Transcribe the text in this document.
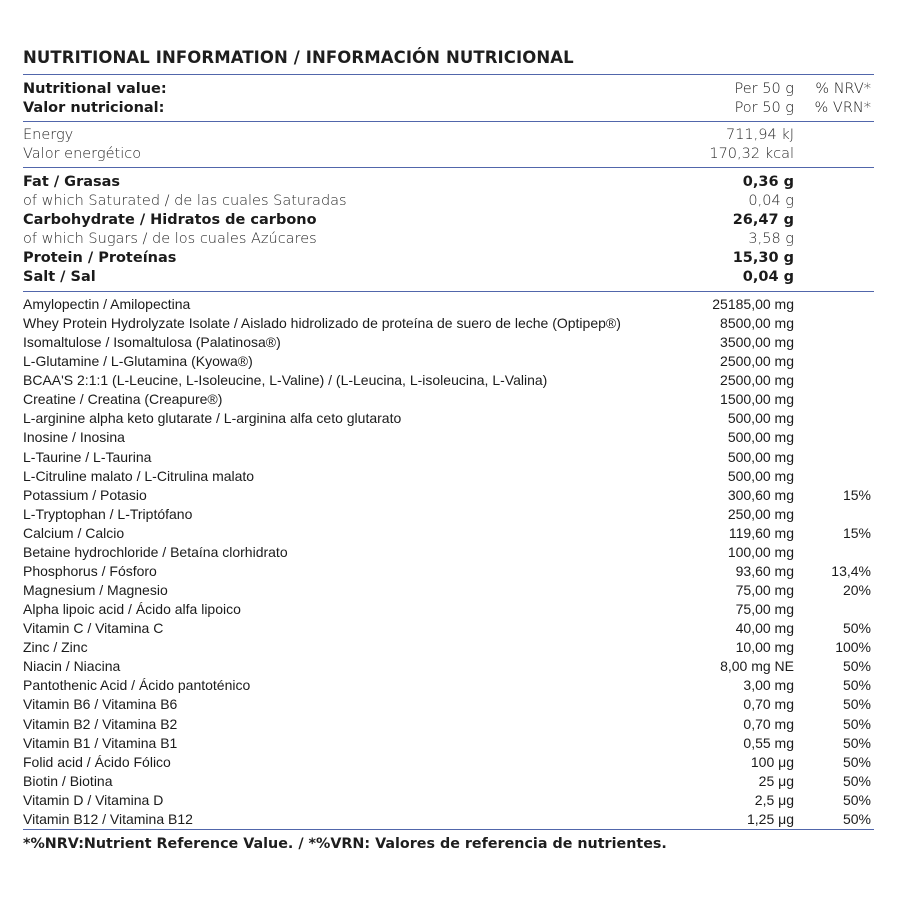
NUTRITIONAL INFORMATION / INFORMACIÓN NUTRICIONAL
Nutritional value:	Per 50 g % NRV*
Valor nutricional:	Por 50 g % VRN*
Energy	711,94 kJ
Valor energético	170,32 kcal
Fat / Grasas	0,36 g
of which Saturated / de las cuales Saturadas	0,04 g
Carbohydrate / Hidratos de carbono	26,47 g
of which Sugars / de los cuales Azúcares	3,58 g
Protein / Proteínas	15,30 g
Salt / Sal	0,04 g
Amylopectin / Amilopectina	25185,00 mg
Whey Protein Hydrolyzate Isolate / Aislado hidrolizado de proteína de suero de leche (Optipep®)	8500,00 mg
Isomaltulose / Isomaltulosa (Palatinosa®)	3500,00 mg
L-Glutamine / L-Glutamina (Kyowa®)	2500,00 mg
BCAA'S 2:1:1 (L-Leucine, L-Isoleucine, L-Valine) / (L-Leucina, L-isoleucina, L-Valina)	2500,00 mg
Creatine / Creatina (Creapure®)	1500,00 mg
L-arginine alpha keto glutarate / L-arginina alfa ceto glutarato	500,00 mg
Inosine / Inosina	500,00 mg
L-Taurine / L-Taurina	500,00 mg
L-Citruline malato / L-Citrulina malato	500,00 mg
Potassium / Potasio	300,60 mg	15%
L-Tryptophan / L-Triptófano	250,00 mg
Calcium / Calcio	119,60 mg	15%
Betaine hydrochloride / Betaína clorhidrato	100,00 mg
Phosphorus / Fósforo	93,60 mg	13,4%
Magnesium / Magnesio	75,00 mg	20%
Alpha lipoic acid / Ácido alfa lipoico	75,00 mg
Vitamin C / Vitamina C	40,00 mg	50%
Zinc / Zinc	10,00 mg	100%
Niacin / Niacina	8,00 mg NE	50%
Pantothenic Acid / Ácido pantoténico	3,00 mg	50%
Vitamin B6 / Vitamina B6	0,70 mg	50%
Vitamin B2 / Vitamina B2	0,70 mg	50%
Vitamin B1 / Vitamina B1	0,55 mg	50%
Folid acid / Ácido Fólico	100 μg	50%
Biotin / Biotina	25 μg	50%
Vitamin D / Vitamina D	2,5 μg	50%
Vitamin B12 / Vitamina B12	1,25 μg	50%
*%NRV:Nutrient Reference Value. / *%VRN: Valores de referencia de nutrientes.
